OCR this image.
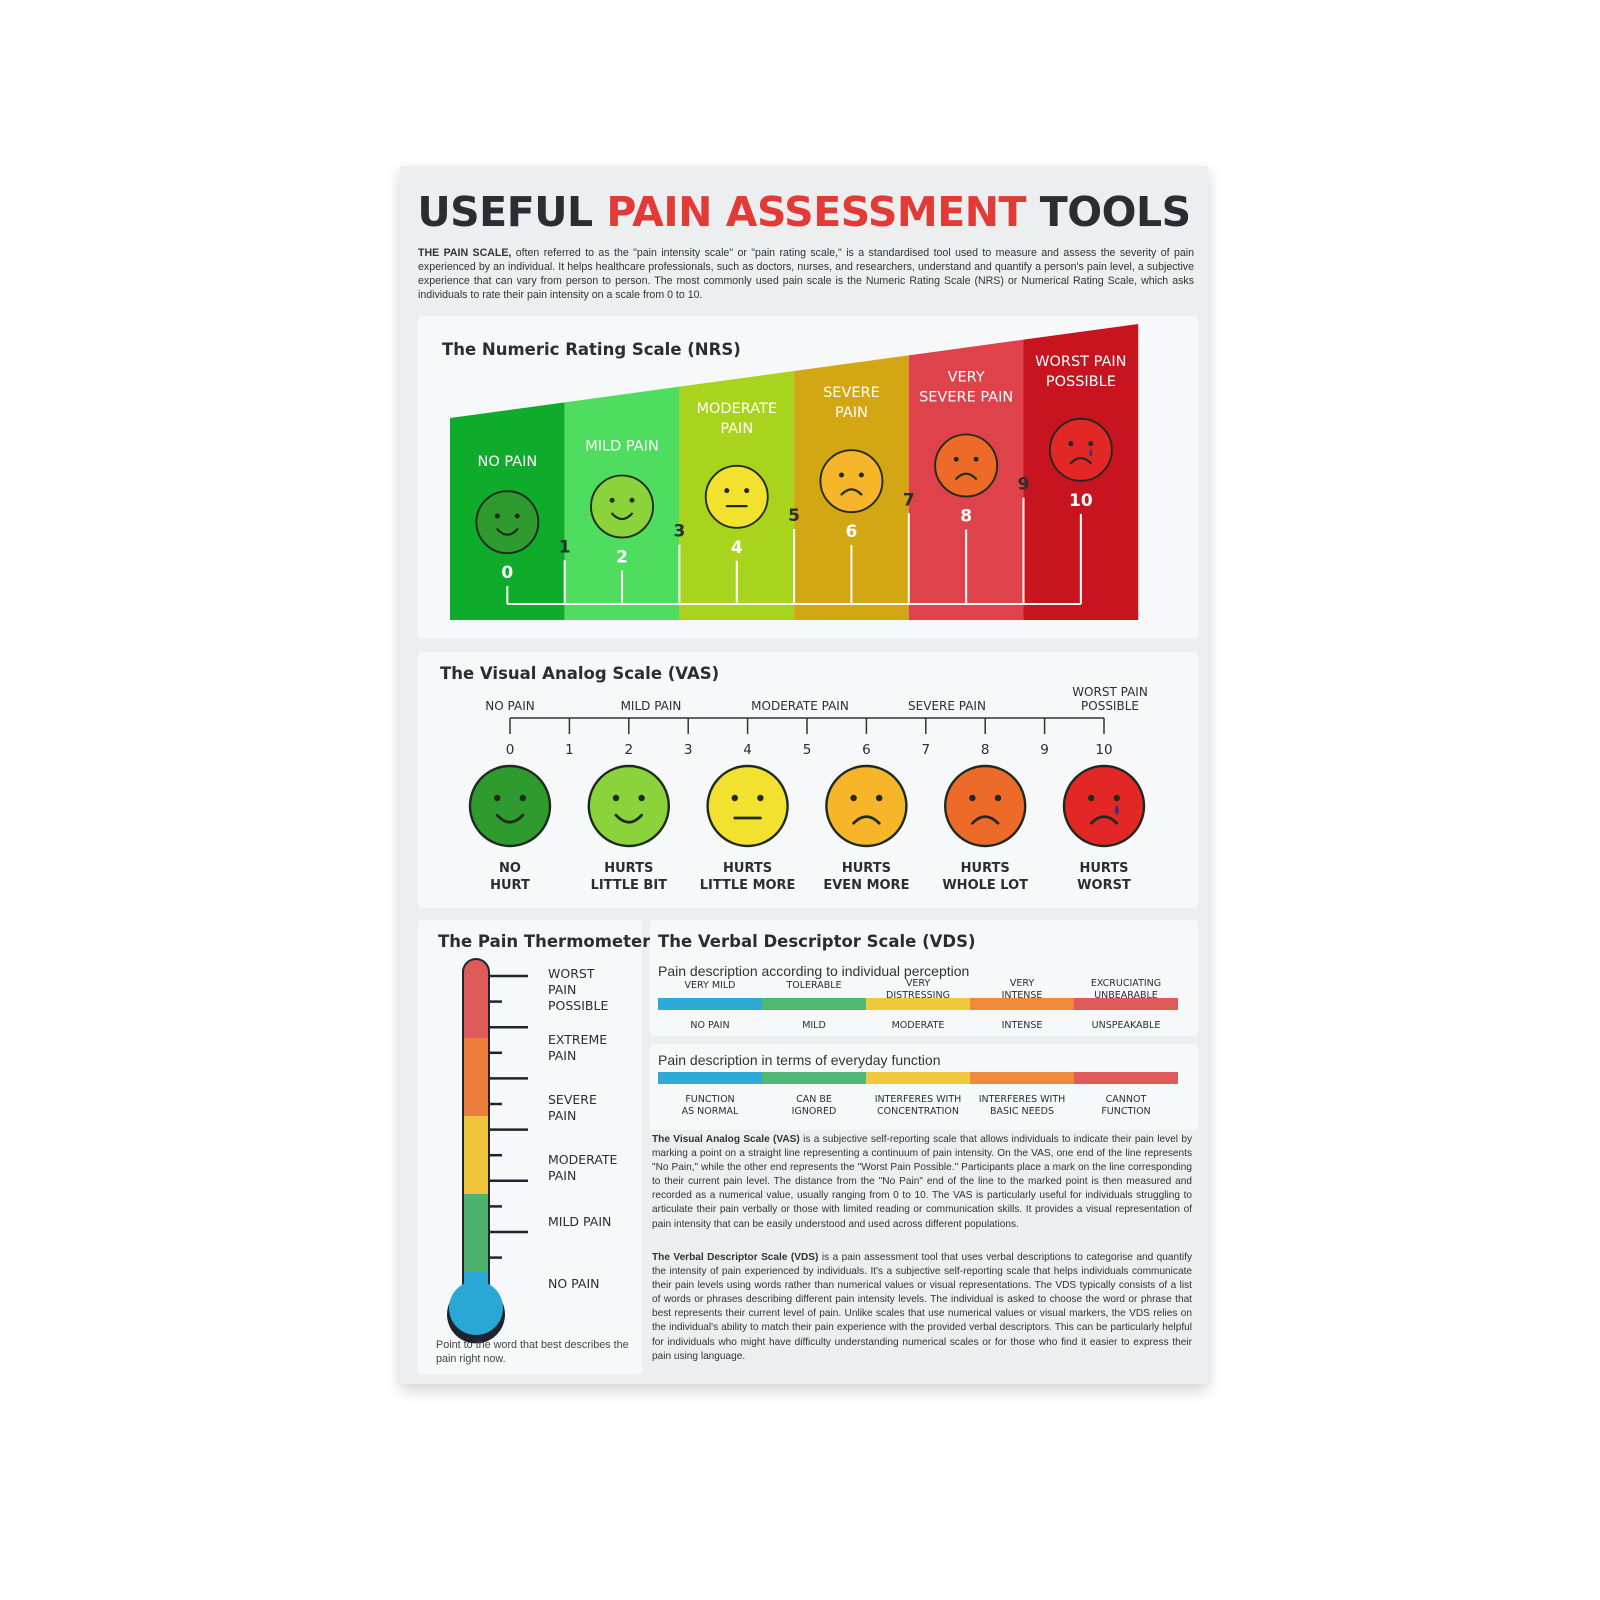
USEFUL PAIN ASSESSMENT TOOLS
THE PAIN SCALE, often referred to as the "pain intensity scale" or "pain rating scale," is a standardised tool used to measure and assess the severity of pain experienced by an individual. It helps healthcare professionals, such as doctors, nurses, and researchers, understand and quantify a person's pain level, a subjective experience that can vary from person to person. The most commonly used pain scale is the Numeric Rating Scale (NRS) or Numerical Rating Scale, which asks individuals to rate their pain intensity on a scale from 0 to 10.
The Numeric Rating Scale (NRS)
NO PAIN
0
MILD PAIN
2
MODERATE
PAIN
4
SEVERE
PAIN
6
VERY
SEVERE PAIN
8
WORST PAIN
POSSIBLE
10
1
3
5
7
9
The Visual Analog Scale (VAS)
0	1	2	3	4	5	6	7	8	9	10
NO PAIN	MILD PAIN	MODERATE PAIN	SEVERE PAIN
WORST PAIN
POSSIBLE
NO
HURT
HURTS
LITTLE BIT
HURTS
LITTLE MORE
HURTS
EVEN MORE
HURTS
WHOLE LOT
HURTS
WORST
The Pain Thermometer
WORST
PAIN
POSSIBLE
EXTREME
PAIN
SEVERE
PAIN
MODERATE
PAIN
MILD PAIN
NO PAIN
Point to the word that best describes the pain right now.
The Verbal Descriptor Scale (VDS)
Pain description according to individual perception
VERY MILD	TOLERABLE	VERY
DISTRESSING
VERY
INTENSE
EXCRUCIATING
UNBEARABLE
NO PAIN	MILD	MODERATE	INTENSE	UNSPEAKABLE
Pain description in terms of everyday function
FUNCTION
AS NORMAL
CAN BE
IGNORED
INTERFERES WITH
CONCENTRATION
INTERFERES WITH
BASIC NEEDS
CANNOT
FUNCTION
The Visual Analog Scale (VAS) is a subjective self-reporting scale that allows individuals to indicate their pain level by marking a point on a straight line representing a continuum of pain intensity. On the VAS, one end of the line represents "No Pain," while the other end represents the "Worst Pain Possible." Participants place a mark on the line corresponding to their current pain level. The distance from the "No Pain" end of the line to the marked point is then measured and recorded as a numerical value, usually ranging from 0 to 10. The VAS is particularly useful for individuals struggling to articulate their pain verbally or those with limited reading or communication skills. It provides a visual representation of pain intensity that can be easily understood and used across different populations.
The Verbal Descriptor Scale (VDS) is a pain assessment tool that uses verbal descriptions to categorise and quantify the intensity of pain experienced by individuals. It's a subjective self-reporting scale that helps individuals communicate their pain levels using words rather than numerical values or visual representations. The VDS typically consists of a list of words or phrases describing different pain intensity levels. The individual is asked to choose the word or phrase that best represents their current level of pain. Unlike scales that use numerical values or visual markers, the VDS relies on the individual's ability to match their pain experience with the provided verbal descriptors. This can be particularly helpful for individuals who might have difficulty understanding numerical scales or for those who find it easier to express their pain using language.
